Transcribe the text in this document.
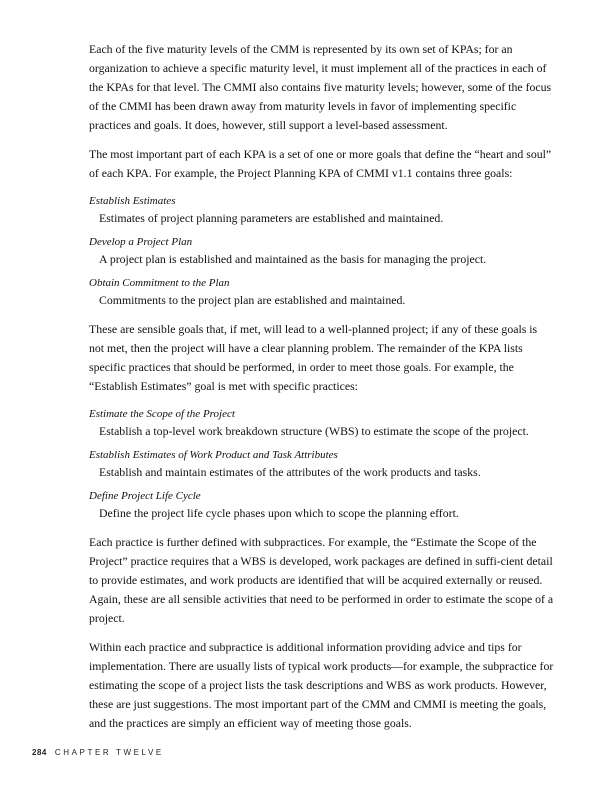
Each of the five maturity levels of the CMM is represented by its own set of KPAs; for an organization to achieve a specific maturity level, it must implement all of the practices in each of the KPAs for that level. The CMMI also contains five maturity levels; however, some of the focus of the CMMI has been drawn away from maturity levels in favor of implementing specific practices and goals. It does, however, still support a level-based assessment.

The most important part of each KPA is a set of one or more goals that define the “heart and soul” of each KPA. For example, the Project Planning KPA of CMMI v1.1 contains three goals:

Establish Estimates
Estimates of project planning parameters are established and maintained.
Develop a Project Plan
A project plan is established and maintained as the basis for managing the project.
Obtain Commitment to the Plan
Commitments to the project plan are established and maintained.

These are sensible goals that, if met, will lead to a well-planned project; if any of these goals is not met, then the project will have a clear planning problem. The remainder of the KPA lists specific practices that should be performed, in order to meet those goals. For example, the “Establish Estimates” goal is met with specific practices:

Estimate the Scope of the Project
Establish a top-level work breakdown structure (WBS) to estimate the scope of the project.
Establish Estimates of Work Product and Task Attributes
Establish and maintain estimates of the attributes of the work products and tasks.
Define Project Life Cycle
Define the project life cycle phases upon which to scope the planning effort.

Each practice is further defined with subpractices. For example, the “Estimate the Scope of the Project” practice requires that a WBS is developed, work packages are defined in suffi-cient detail to provide estimates, and work products are identified that will be acquired externally or reused. Again, these are all sensible activities that need to be performed in order to estimate the scope of a project.

Within each practice and subpractice is additional information providing advice and tips for implementation. There are usually lists of typical work products—for example, the subpractice for estimating the scope of a project lists the task descriptions and WBS as work products. However, these are just suggestions. The most important part of the CMM and CMMI is meeting the goals, and the practices are simply an efficient way of meeting those goals.

284 CHAPTER TWELVE
